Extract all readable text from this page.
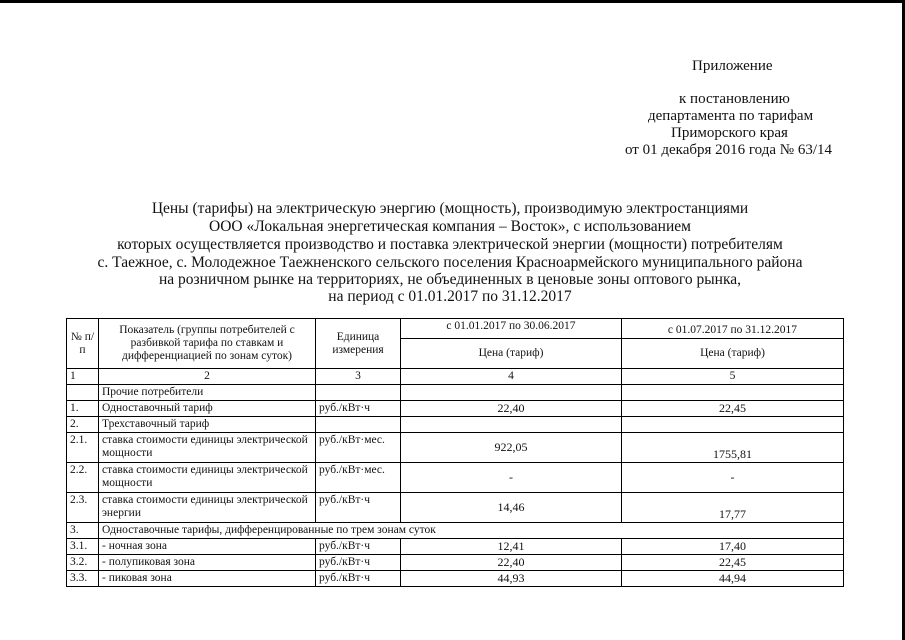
Приложение
к постановлению
департамента по тарифам
Приморского края
от 01 декабря 2016 года № 63/14
Цены (тарифы) на электрическую энергию (мощность), производимую электростанциями
ООО «Локальная энергетическая компания – Восток», с использованием
которых осуществляется производство и поставка электрической энергии (мощности) потребителям
с. Таежное, с. Молодежное Таежненского сельского поселения Красноармейского муниципального района
на розничном рынке на территориях, не объединенных в ценовые зоны оптового рынка,
на период с 01.01.2017 по 31.12.2017
№ п/п	Показатель (группы потребителей с разбивкой тарифа по ставкам и дифференциацией по зонам суток)	Единица измерения	с 01.01.2017 по 30.06.2017	с 01.07.2017 по 31.12.2017
			Цена (тариф)	Цена (тариф)
1	2	3	4	5
	Прочие потребители			
1.	Одноставочный тариф	руб./кВт·ч	22,40	22,45
2.	Трехставочный тариф			
2.1.	ставка стоимости единицы электрической мощности	руб./кВт·мес.	922,05	1755,81
2.2.	ставка стоимости единицы электрической мощности	руб./кВт·мес.	-	-
2.3.	ставка стоимости единицы электрической энергии	руб./кВт·ч	14,46	17,77
3.	Одноставочные тарифы, дифференцированные по трем зонам суток			
3.1.	- ночная зона	руб./кВт·ч	12,41	17,40
3.2.	- полупиковая зона	руб./кВт·ч	22,40	22,45
3.3.	- пиковая зона	руб./кВт·ч	44,93	44,94
